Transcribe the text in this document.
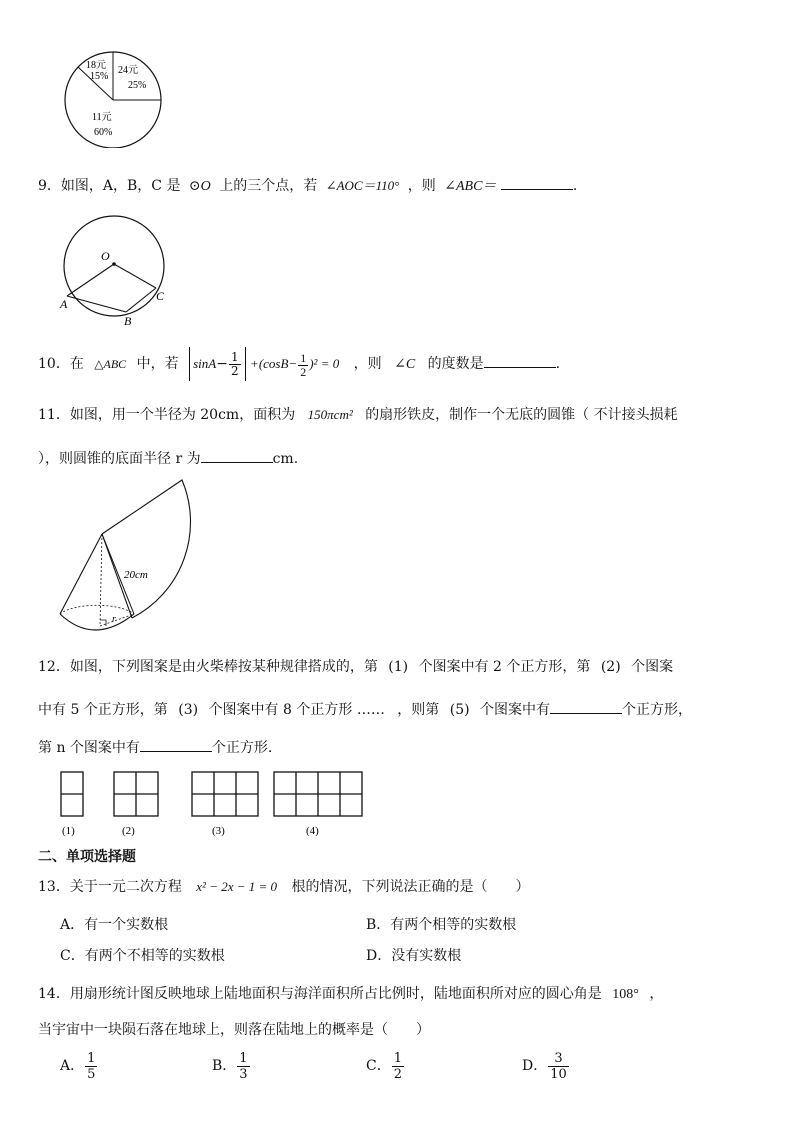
18元
15%
24元
25%
11元
60%
9．如图，A，B，C 是 ⊙O 上的三个点，若 ∠AOC＝110° ，则 ∠ABC＝	.
O
A
B
C
10．在 △ABC 中，若 $\sin A- \frac{1}{2} +(\cos B- \frac{1}{2} )^2 = 0$ ，则 ∠C 的度数是	.
11．如图，用一个半径为 20cm，面积为 150πcm² 的扇形铁皮，制作一个无底的圆锥（ 不计接头损耗
），则圆锥的底面半径 r 为	cm.
20cm
r
12．如图，下列图案是由火柴棒按某种规律搭成的，第 (1) 个图案中有 2 个正方形，第 (2) 个图案
中有 5 个正方形，第 (3) 个图案中有 8 个正方形 …… ，则第 (5) 个图案中有	个正方形，
第 n 个图案中有	个正方形.
(1)	(2)	(3)	(4)
二、单项选择题
13．关于一元二次方程 x² − 2x − 1 = 0 根的情况，下列说法正确的是（　　）
A．有一个实数根	B．有两个相等的实数根
C．有两个不相等的实数根	D．没有实数根
14．用扇形统计图反映地球上陆地面积与海洋面积所占比例时，陆地面积所对应的圆心角是 108° ，
当宇宙中一块陨石落在地球上，则落在陆地上的概率是（　　）
A． $\frac{1}{5}$	B． $\frac{1}{3}$	C． $\frac{1}{2}$	D． $\frac{3}{10}$
